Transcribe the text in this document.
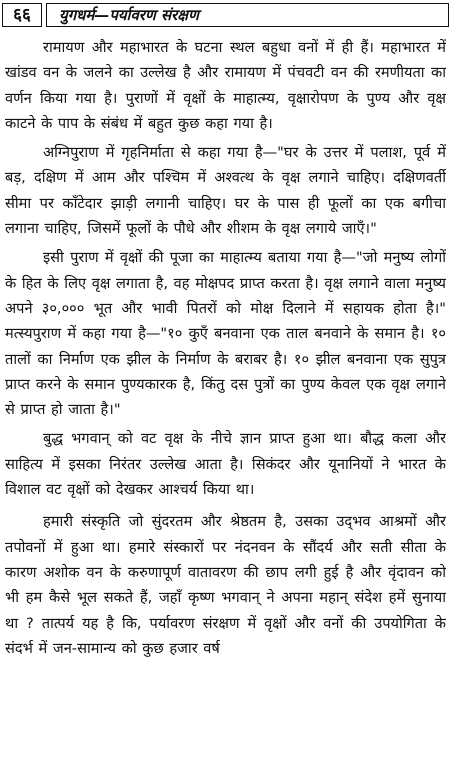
६६	युगधर्म—पर्यावरण संरक्षण

रामायण और महाभारत के घटना स्थल बहुधा वनों में ही हैं। महाभारत में खांडव वन के जलने का उल्लेख है और रामायण में पंचवटी वन की रमणीयता का वर्णन किया गया है। पुराणों में वृक्षों के माहात्म्य, वृक्षारोपण के पुण्य और वृक्ष काटने के पाप के संबंध में बहुत कुछ कहा गया है।

अग्निपुराण में गृहनिर्माता से कहा गया है—"घर के उत्तर में पलाश, पूर्व में बड़, दक्षिण में आम और पश्चिम में अश्वत्थ के वृक्ष लगाने चाहिए। दक्षिणवर्ती सीमा पर काँटेदार झाड़ी लगानी चाहिए। घर के पास ही फूलों का एक बगीचा लगाना चाहिए, जिसमें फूलों के पौधे और शीशम के वृक्ष लगाये जाएँ।"

इसी पुराण में वृक्षों की पूजा का माहात्म्य बताया गया है—"जो मनुष्य लोगों के हित के लिए वृक्ष लगाता है, वह मोक्षपद प्राप्त करता है। वृक्ष लगाने वाला मनुष्य अपने ३०,००० भूत और भावी पितरों को मोक्ष दिलाने में सहायक होता है।" मत्स्यपुराण में कहा गया है—"१० कुएँ बनवाना एक ताल बनवाने के समान है। १० तालों का निर्माण एक झील के निर्माण के बराबर है। १० झील बनवाना एक सुपुत्र प्राप्त करने के समान पुण्यकारक है, किंतु दस पुत्रों का पुण्य केवल एक वृक्ष लगाने से प्राप्त हो जाता है।"

बुद्ध भगवान् को वट वृक्ष के नीचे ज्ञान प्राप्त हुआ था। बौद्ध कला और साहित्य में इसका निरंतर उल्लेख आता है। सिकंदर और यूनानियों ने भारत के विशाल वट वृक्षों को देखकर आश्चर्य किया था।

हमारी संस्कृति जो सुंदरतम और श्रेष्ठतम है, उसका उद्‍भव आश्रमों और तपोवनों में हुआ था। हमारे संस्कारों पर नंदनवन के सौंदर्य और सती सीता के कारण अशोक वन के करुणापूर्ण वातावरण की छाप लगी हुई है और वृंदावन को भी हम कैसे भूल सकते हैं, जहाँ कृष्ण भगवान् ने अपना महान् संदेश हमें सुनाया था ? तात्पर्य यह है कि, पर्यावरण संरक्षण में वृक्षों और वनों की उपयोगिता के संदर्भ में जन-सामान्य को कुछ हजार वर्ष
